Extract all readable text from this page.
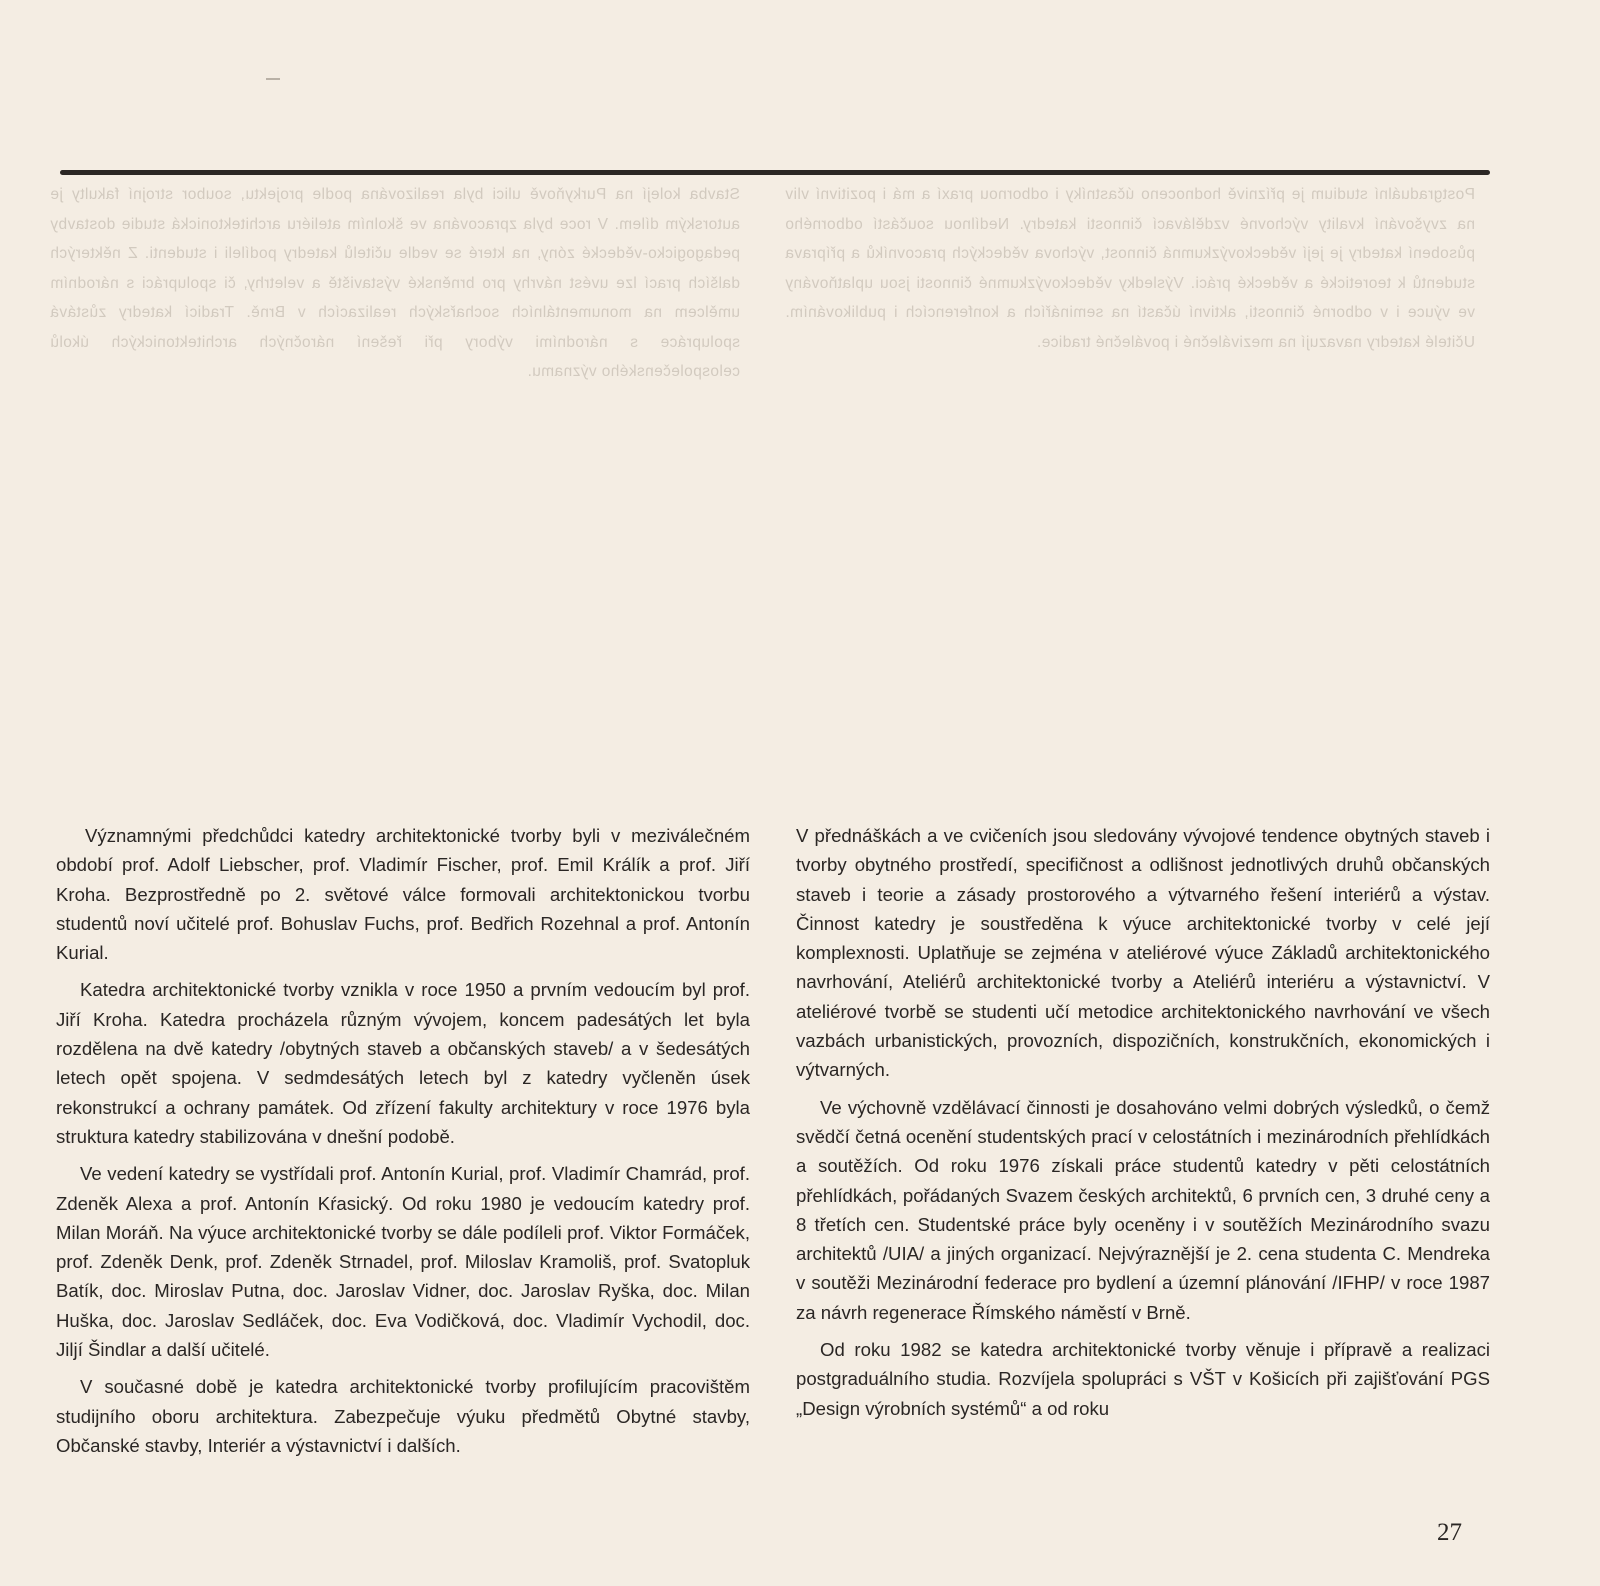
Stavba kolejí na Purkyňově ulici byla realizována podle projektu, soubor strojní fakulty je autorským dílem. V roce byla zpracována ve školním ateliéru architektonická studie dostavby pedagogicko-vědecké zóny, na které se vedle učitelů katedry podíleli i studenti. Z některých dalších prací lze uvést návrhy pro brněnské výstaviště a veletrhy, či spolupráci s národním umělcem na monumentálních sochařských realizacích v Brně. Tradicí katedry zůstává spolupráce s národními výbory při řešení náročných architektonických úkolů celospolečenského významu.

Postgraduální studium je příznivě hodnoceno účastníky i odbornou praxí a má i pozitivní vliv na zvyšování kvality výchovné vzdělávací činnosti katedry. Nedílnou součástí odborného působení katedry je její vědeckovýzkumná činnost, výchova vědeckých pracovníků a příprava studentů k teoretické a vědecké práci. Výsledky vědeckovýzkumné činnosti jsou uplatňovány ve výuce i v odborné činnosti, aktivní účastí na seminářích a konferencích i publikováním. Učitelé katedry navazují na meziválečné i poválečné tradice.

Významnými předchůdci katedry architektonické tvorby byli v meziválečném období prof. Adolf Liebscher, prof. Vladimír Fischer, prof. Emil Králík a prof. Jiří Kroha. Bezprostředně po 2. světové válce formovali architektonickou tvorbu studentů noví učitelé prof. Bohuslav Fuchs, prof. Bedřich Rozehnal a prof. Antonín Kurial.

Katedra architektonické tvorby vznikla v roce 1950 a prvním vedoucím byl prof. Jiří Kroha. Katedra procházela různým vývojem, koncem padesátých let byla rozdělena na dvě katedry /obytných staveb a občanských staveb/ a v šedesátých letech opět spojena. V sedmdesátých letech byl z katedry vyčleněn úsek rekonstrukcí a ochrany památek. Od zřízení fakulty architektury v roce 1976 byla struktura katedry stabilizována v dnešní podobě.

Ve vedení katedry se vystřídali prof. Antonín Kurial, prof. Vladimír Chamrád, prof. Zdeněk Alexa a prof. Antonín Kŕasický. Od roku 1980 je vedoucím katedry prof. Milan Moráň. Na výuce architektonické tvorby se dále podíleli prof. Viktor Formáček, prof. Zdeněk Denk, prof. Zdeněk Strnadel, prof. Miloslav Kramoliš, prof. Svatopluk Batík, doc. Miroslav Putna, doc. Jaroslav Vidner, doc. Jaroslav Ryška, doc. Milan Huška, doc. Jaroslav Sedláček, doc. Eva Vodičková, doc. Vladimír Vychodil, doc. Jiljí Šindlar a další učitelé.

V současné době je katedra architektonické tvorby profilujícím pracovištěm studijního oboru architektura. Zabezpečuje výuku předmětů Obytné stavby, Občanské stavby, Interiér a výstavnictví i dalších.

V přednáškách a ve cvičeních jsou sledovány vývojové tendence obytných staveb i tvorby obytného prostředí, specifičnost a odlišnost jednotlivých druhů občanských staveb i teorie a zásady prostorového a výtvarného řešení interiérů a výstav. Činnost katedry je soustředěna k výuce architektonické tvorby v celé její komplexnosti. Uplatňuje se zejména v ateliérové výuce Základů architektonického navrhování, Ateliérů architektonické tvorby a Ateliérů interiéru a výstavnictví. V ateliérové tvorbě se studenti učí metodice architektonického navrhování ve všech vazbách urbanistických, provozních, dispozičních, konstrukčních, ekonomických i výtvarných.

Ve výchovně vzdělávací činnosti je dosahováno velmi dobrých výsledků, o čemž svědčí četná ocenění studentských prací v celostátních i mezinárodních přehlídkách a soutěžích. Od roku 1976 získali práce studentů katedry v pěti celostátních přehlídkách, pořádaných Svazem českých architektů, 6 prvních cen, 3 druhé ceny a 8 třetích cen. Studentské práce byly oceněny i v soutěžích Mezinárodního svazu architektů /UIA/ a jiných organizací. Nejvýraznější je 2. cena studenta C. Mendreka v soutěži Mezinárodní federace pro bydlení a územní plánování /IFHP/ v roce 1987 za návrh regenerace Římského náměstí v Brně.

Od roku 1982 se katedra architektonické tvorby věnuje i přípravě a realizaci postgraduálního studia. Rozvíjela spolupráci s VŠT v Košicích při zajišťování PGS „Design výrobních systémů“ a od roku

27
